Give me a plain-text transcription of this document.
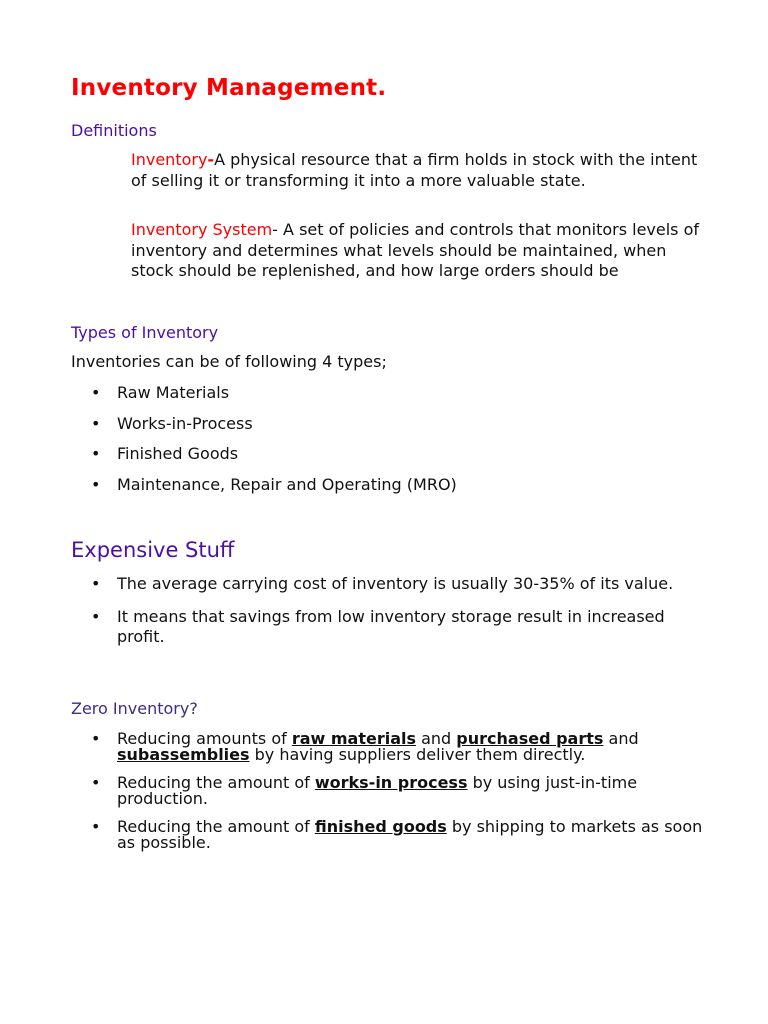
Inventory Management.
Definitions

Inventory-A physical resource that a firm holds in stock with the intent of selling it or transforming it into a more valuable state.

Inventory System- A set of policies and controls that monitors levels of inventory and determines what levels should be maintained, when stock should be replenished, and how large orders should be

Types of Inventory

Inventories can be of following 4 types;

• Raw Materials
• Works-in-Process
• Finished Goods
• Maintenance, Repair and Operating (MRO)
Expensive Stuff
• The average carrying cost of inventory is usually 30-35% of its value.
• It means that savings from low inventory storage result in increased profit.
Zero Inventory?
• Reducing amounts of raw materials and purchased parts and subassemblies by having suppliers deliver them directly.
• Reducing the amount of works-in process by using just-in-time production.
• Reducing the amount of finished goods by shipping to markets as soon as possible.
